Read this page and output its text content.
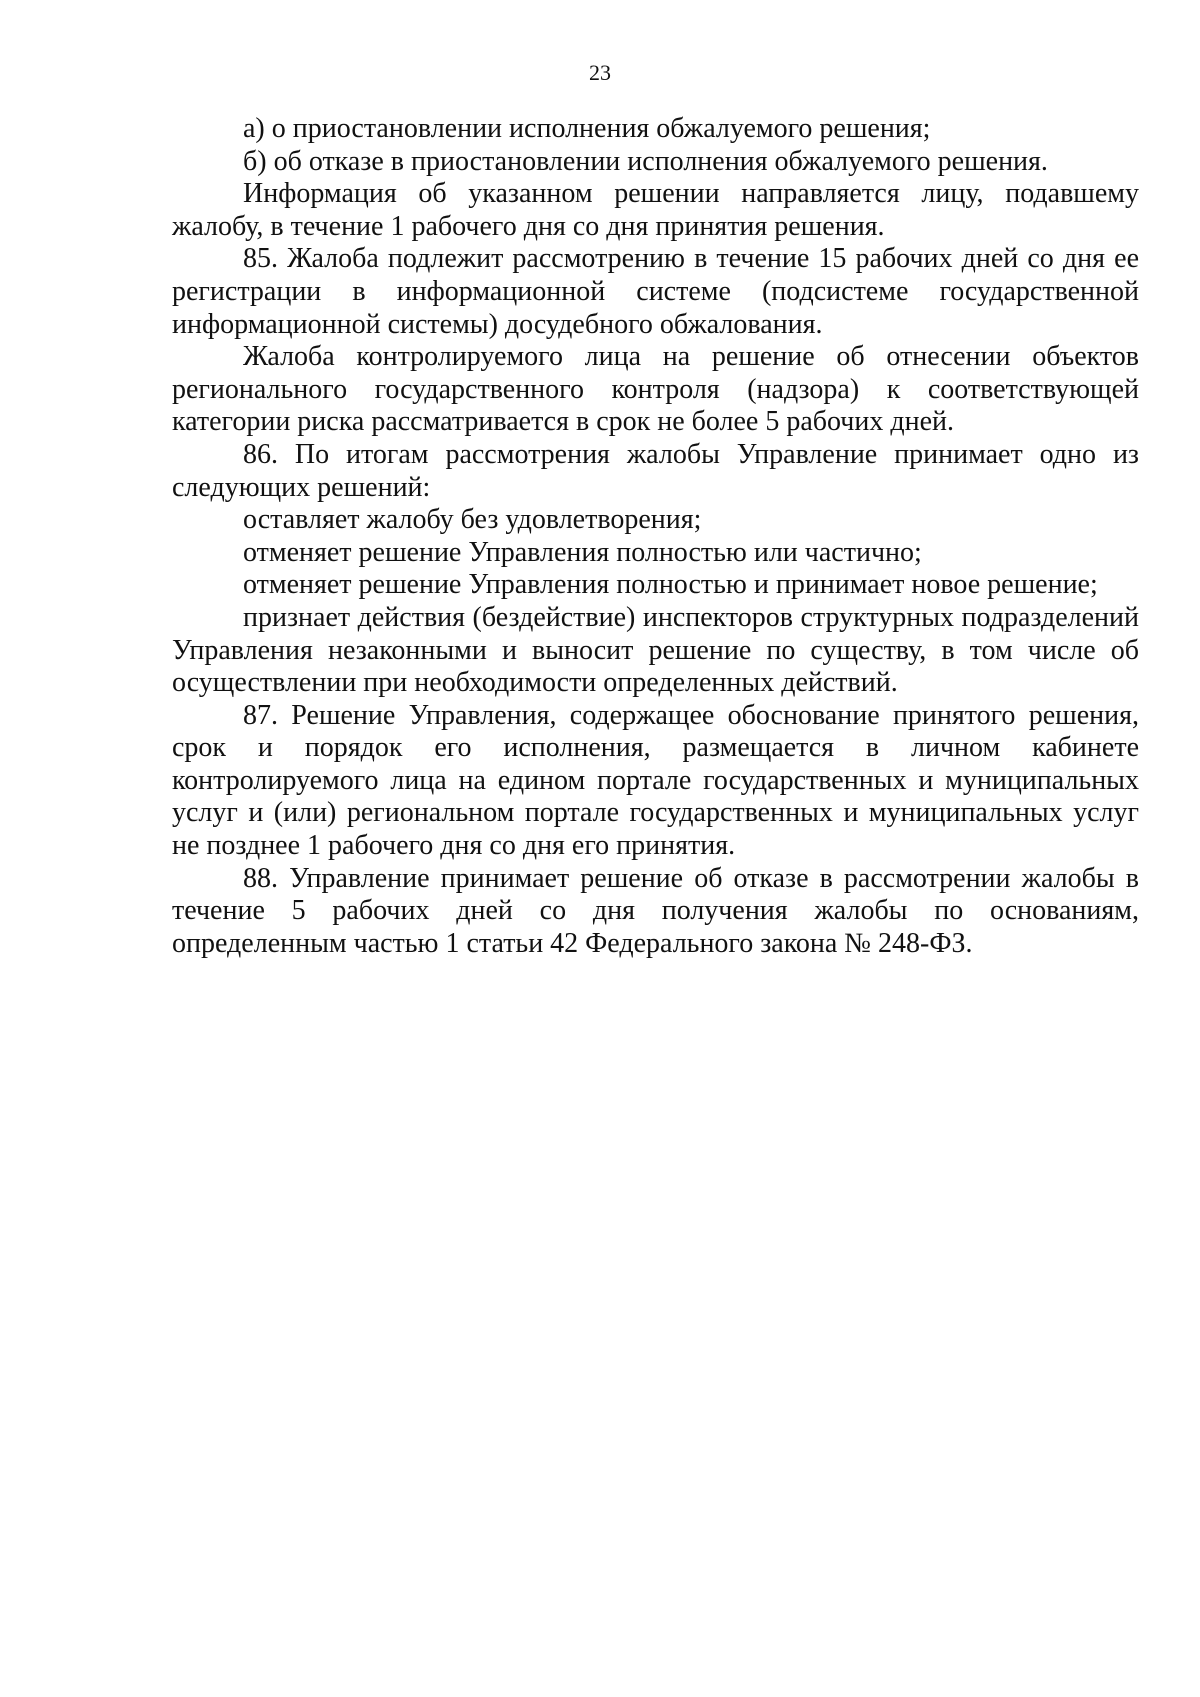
23

а) о приостановлении исполнения обжалуемого решения;

б) об отказе в приостановлении исполнения обжалуемого решения.

Информация об указанном решении направляется лицу, подавшему жалобу, в течение 1 рабочего дня со дня принятия решения.

85. Жалоба подлежит рассмотрению в течение 15 рабочих дней со дня ее регистрации в информационной системе (подсистеме государственной информационной системы) досудебного обжалования.

Жалоба контролируемого лица на решение об отнесении объектов регионального государственного контроля (надзора) к соответствующей категории риска рассматривается в срок не более 5 рабочих дней.

86. По итогам рассмотрения жалобы Управление принимает одно из следующих решений:

оставляет жалобу без удовлетворения;

отменяет решение Управления полностью или частично;

отменяет решение Управления полностью и принимает новое решение;

признает действия (бездействие) инспекторов структурных подразделений Управления незаконными и выносит решение по существу, в том числе об осуществлении при необходимости определенных действий.

87. Решение Управления, содержащее обоснование принятого решения, срок и порядок его исполнения, размещается в личном кабинете контролируемого лица на едином портале государственных и муниципальных услуг и (или) региональном портале государственных и муниципальных услуг не позднее 1 рабочего дня со дня его принятия.

88. Управление принимает решение об отказе в рассмотрении жалобы в течение 5 рабочих дней со дня получения жалобы по основаниям, определенным частью 1 статьи 42 Федерального закона № 248-ФЗ.
